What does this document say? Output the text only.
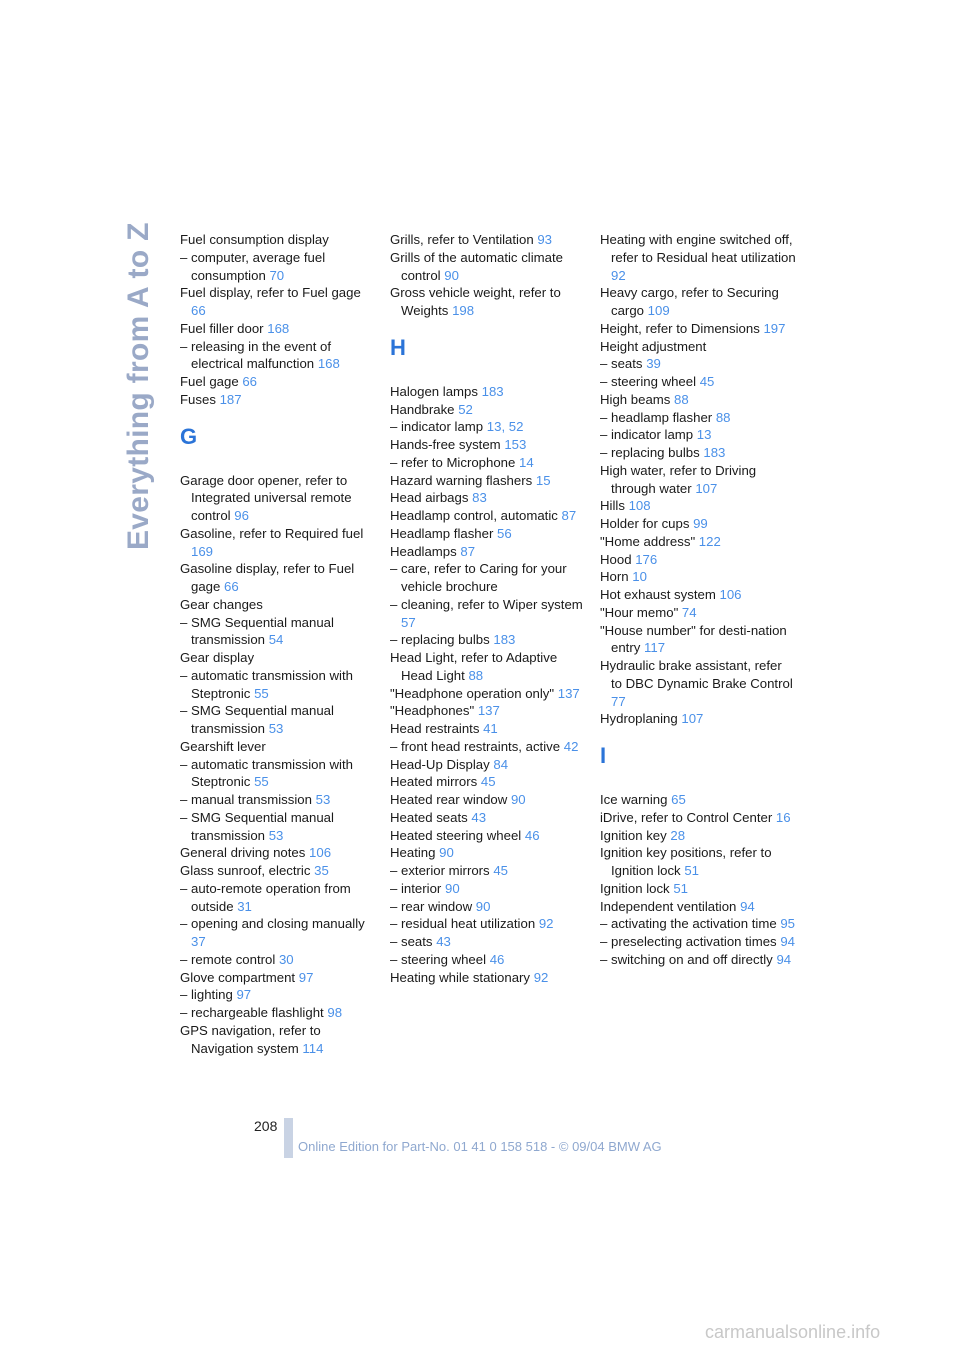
Everything from A to Z Fuel consumption display
– computer, average fuel consumption 70
Fuel display, refer to Fuel gage 66
Fuel filler door 168
– releasing in the event of electrical malfunction 168
Fuel gage 66
Fuses 187
G
Garage door opener, refer to Integrated universal remote control 96
Gasoline, refer to Required fuel 169
Gasoline display, refer to Fuel gage 66
Gear changes
– SMG Sequential manual transmission 54
Gear display
– automatic transmission with Steptronic 55
– SMG Sequential manual transmission 53
Gearshift lever
– automatic transmission with Steptronic 55
– manual transmission 53
– SMG Sequential manual transmission 53
General driving notes 106
Glass sunroof, electric 35
– auto-remote operation from outside 31
– opening and closing manually 37
– remote control 30
Glove compartment 97
– lighting 97
– rechargeable flashlight 98
GPS navigation, refer to Navigation system 114
Grills, refer to Ventilation 93
Grills of the automatic climate control 90
Gross vehicle weight, refer to Weights 198
H
Halogen lamps 183
Handbrake 52
– indicator lamp 13, 52
Hands-free system 153
– refer to Microphone 14
Hazard warning flashers 15
Head airbags 83
Headlamp control, automatic 87
Headlamp flasher 56
Headlamps 87
– care, refer to Caring for your vehicle brochure
– cleaning, refer to Wiper system 57
– replacing bulbs 183
Head Light, refer to Adaptive Head Light 88
"Headphone operation only" 137
"Headphones" 137
Head restraints 41
– front head restraints, active 42
Head-Up Display 84
Heated mirrors 45
Heated rear window 90
Heated seats 43
Heated steering wheel 46
Heating 90
– exterior mirrors 45
– interior 90
– rear window 90
– residual heat utilization 92
– seats 43
– steering wheel 46
Heating while stationary 92
Heating with engine switched off, refer to Residual heat utilization 92
Heavy cargo, refer to Securing cargo 109
Height, refer to Dimensions 197
Height adjustment
– seats 39
– steering wheel 45
High beams 88
– headlamp flasher 88
– indicator lamp 13
– replacing bulbs 183
High water, refer to Driving through water 107
Hills 108
Holder for cups 99
"Home address" 122
Hood 176
Horn 10
Hot exhaust system 106
"Hour memo" 74
"House number" for desti-nation entry 117
Hydraulic brake assistant, refer to DBC Dynamic Brake Control 77
Hydroplaning 107
I
Ice warning 65
iDrive, refer to Control Center 16
Ignition key 28
Ignition key positions, refer to Ignition lock 51
Ignition lock 51
Independent ventilation 94
– activating the activation time 95
– preselecting activation times 94
– switching on and off directly 94
208
Online Edition for Part-No. 01 41 0 158 518 - © 09/04 BMW AG
carmanualsonline.info
